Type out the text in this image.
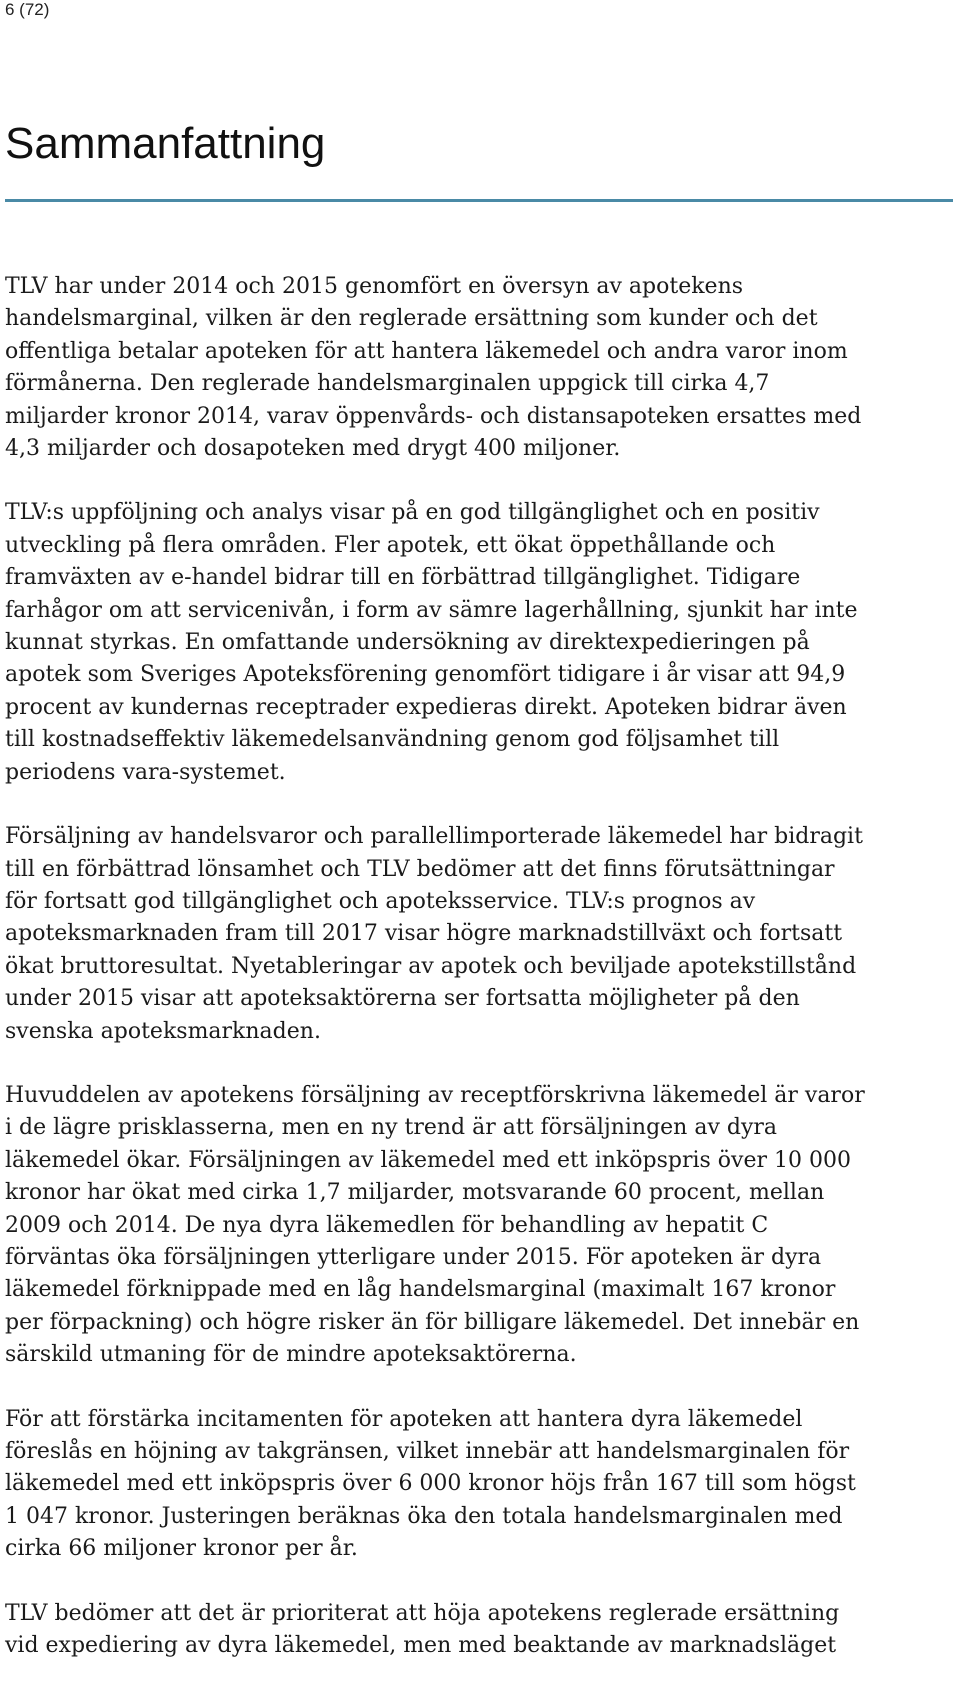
6 (72)
Sammanfattning

TLV har under 2014 och 2015 genomfört en översyn av apotekens
handelsmarginal, vilken är den reglerade ersättning som kunder och det
offentliga betalar apoteken för att hantera läkemedel och andra varor inom
förmånerna. Den reglerade handelsmarginalen uppgick till cirka 4,7
miljarder kronor 2014, varav öppenvårds- och distansapoteken ersattes med
4,3 miljarder och dosapoteken med drygt 400 miljoner.

TLV:s uppföljning och analys visar på en god tillgänglighet och en positiv
utveckling på flera områden. Fler apotek, ett ökat öppethållande och
framväxten av e-handel bidrar till en förbättrad tillgänglighet. Tidigare
farhågor om att servicenivån, i form av sämre lagerhållning, sjunkit har inte
kunnat styrkas. En omfattande undersökning av direktexpedieringen på
apotek som Sveriges Apoteksförening genomfört tidigare i år visar att 94,9
procent av kundernas receptrader expedieras direkt. Apoteken bidrar även
till kostnadseffektiv läkemedelsanvändning genom god följsamhet till
periodens vara-systemet.

Försäljning av handelsvaror och parallellimporterade läkemedel har bidragit
till en förbättrad lönsamhet och TLV bedömer att det finns förutsättningar
för fortsatt god tillgänglighet och apoteksservice. TLV:s prognos av
apoteksmarknaden fram till 2017 visar högre marknadstillväxt och fortsatt
ökat bruttoresultat. Nyetableringar av apotek och beviljade apotekstillstånd
under 2015 visar att apoteksaktörerna ser fortsatta möjligheter på den
svenska apoteksmarknaden.

Huvuddelen av apotekens försäljning av receptförskrivna läkemedel är varor
i de lägre prisklasserna, men en ny trend är att försäljningen av dyra
läkemedel ökar. Försäljningen av läkemedel med ett inköpspris över 10 000
kronor har ökat med cirka 1,7 miljarder, motsvarande 60 procent, mellan
2009 och 2014. De nya dyra läkemedlen för behandling av hepatit C
förväntas öka försäljningen ytterligare under 2015. För apoteken är dyra
läkemedel förknippade med en låg handelsmarginal (maximalt 167 kronor
per förpackning) och högre risker än för billigare läkemedel. Det innebär en
särskild utmaning för de mindre apoteksaktörerna.

För att förstärka incitamenten för apoteken att hantera dyra läkemedel
föreslås en höjning av takgränsen, vilket innebär att handelsmarginalen för
läkemedel med ett inköpspris över 6 000 kronor höjs från 167 till som högst
1 047 kronor. Justeringen beräknas öka den totala handelsmarginalen med
cirka 66 miljoner kronor per år.

TLV bedömer att det är prioriterat att höja apotekens reglerade ersättning
vid expediering av dyra läkemedel, men med beaktande av marknadsläget
